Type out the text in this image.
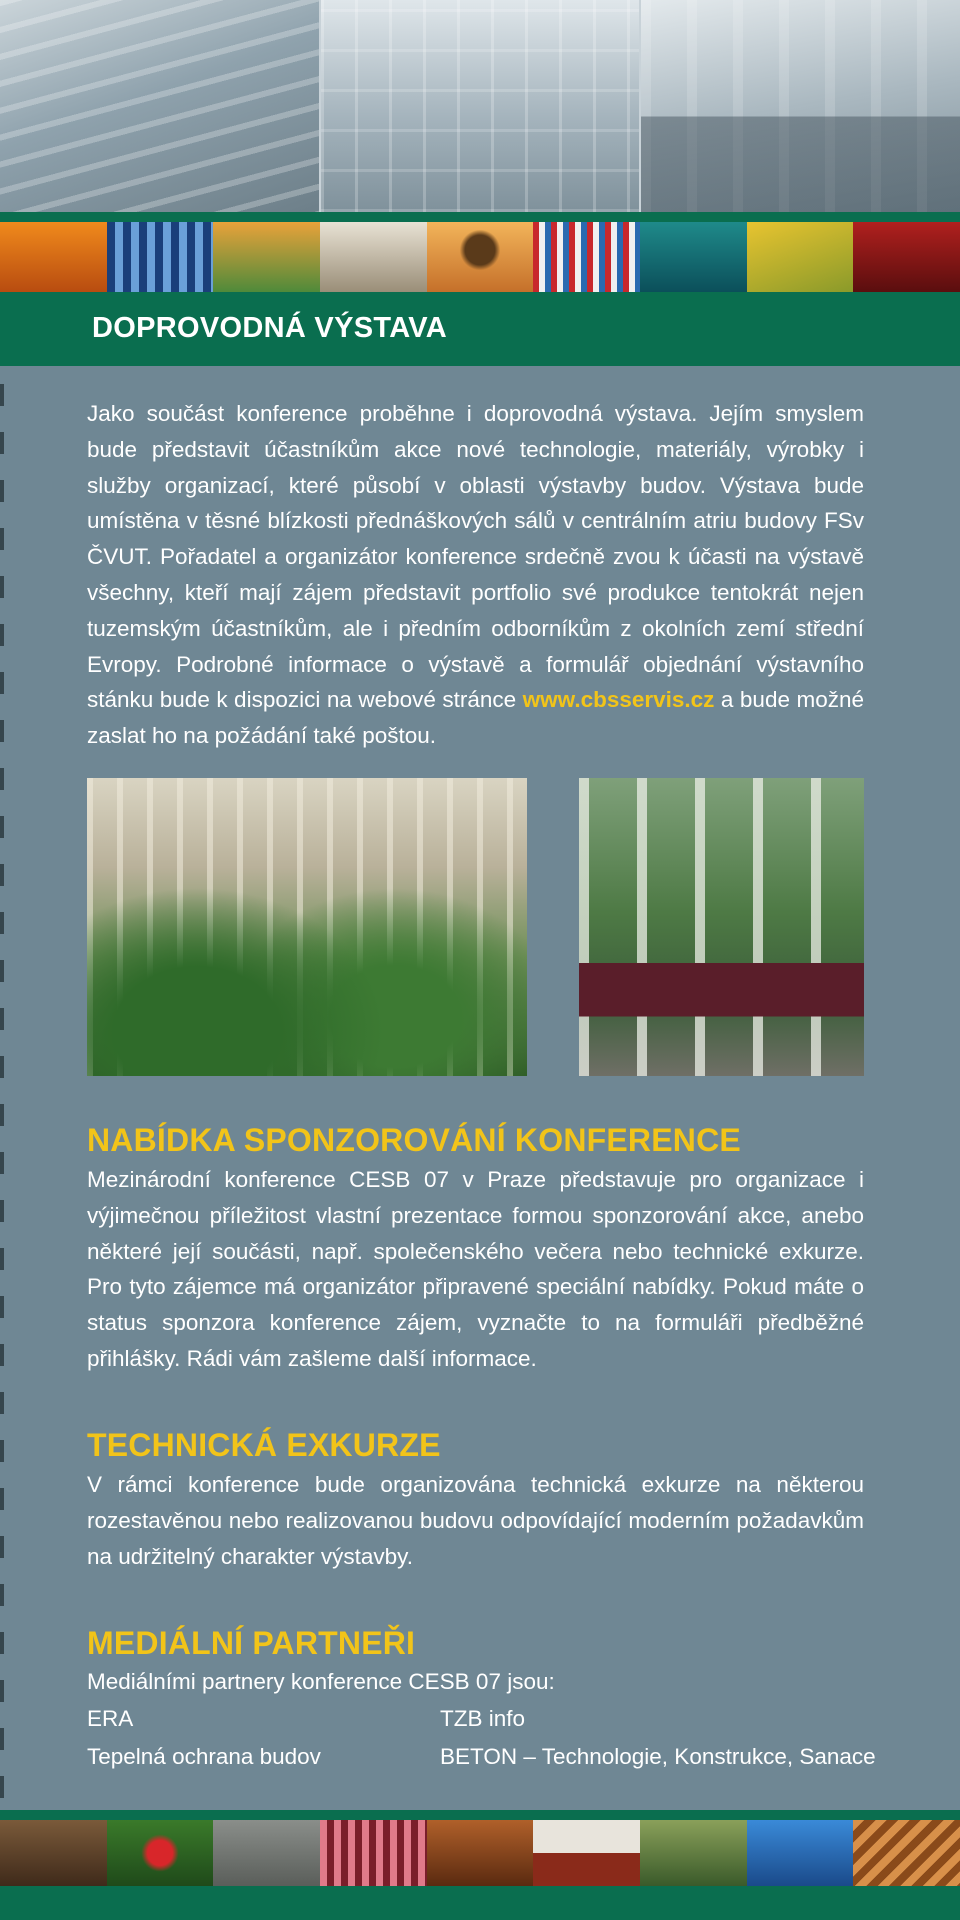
DOPROVODNÁ VÝSTAVA
Jako součást konference proběhne i doprovodná výstava. Jejím smyslem bude představit účastníkům akce nové technologie, materiály, výrobky i služby organizací, které působí v oblasti výstavby budov. Výstava bude umístěna v těsné blízkosti přednáškových sálů v centrálním atriu budovy FSv ČVUT. Pořadatel a organizátor konference srdečně zvou k účasti na výstavě všechny, kteří mají zájem představit portfolio své produkce tentokrát nejen tuzemským účastníkům, ale i předním odborníkům z okolních zemí střední Evropy. Podrobné informace o výstavě a formulář objednání výstavního stánku bude k dispozici na webové stránce www.cbsservis.cz a bude možné zaslat ho na požádání také poštou.
NABÍDKA SPONZOROVÁNÍ KONFERENCE
Mezinárodní konference CESB 07 v Praze představuje pro organizace i výjimečnou příležitost vlastní prezentace formou sponzorování akce, anebo některé její součásti, např. společenského večera nebo technické exkurze. Pro tyto zájemce má organizátor připravené speciální nabídky. Pokud máte o status sponzora konference zájem, vyznačte to na formuláři předběžné přihlášky. Rádi vám zašleme další informace.
TECHNICKÁ EXKURZE
V rámci konference bude organizována technická exkurze na některou rozestavěnou nebo realizovanou budovu odpovídající moderním požadavkům na udržitelný charakter výstavby.
MEDIÁLNÍ PARTNEŘI
Mediálními partnery konference CESB 07 jsou:
ERA	TZB info
Tepelná ochrana budov	BETON – Technologie, Konstrukce, Sanace
